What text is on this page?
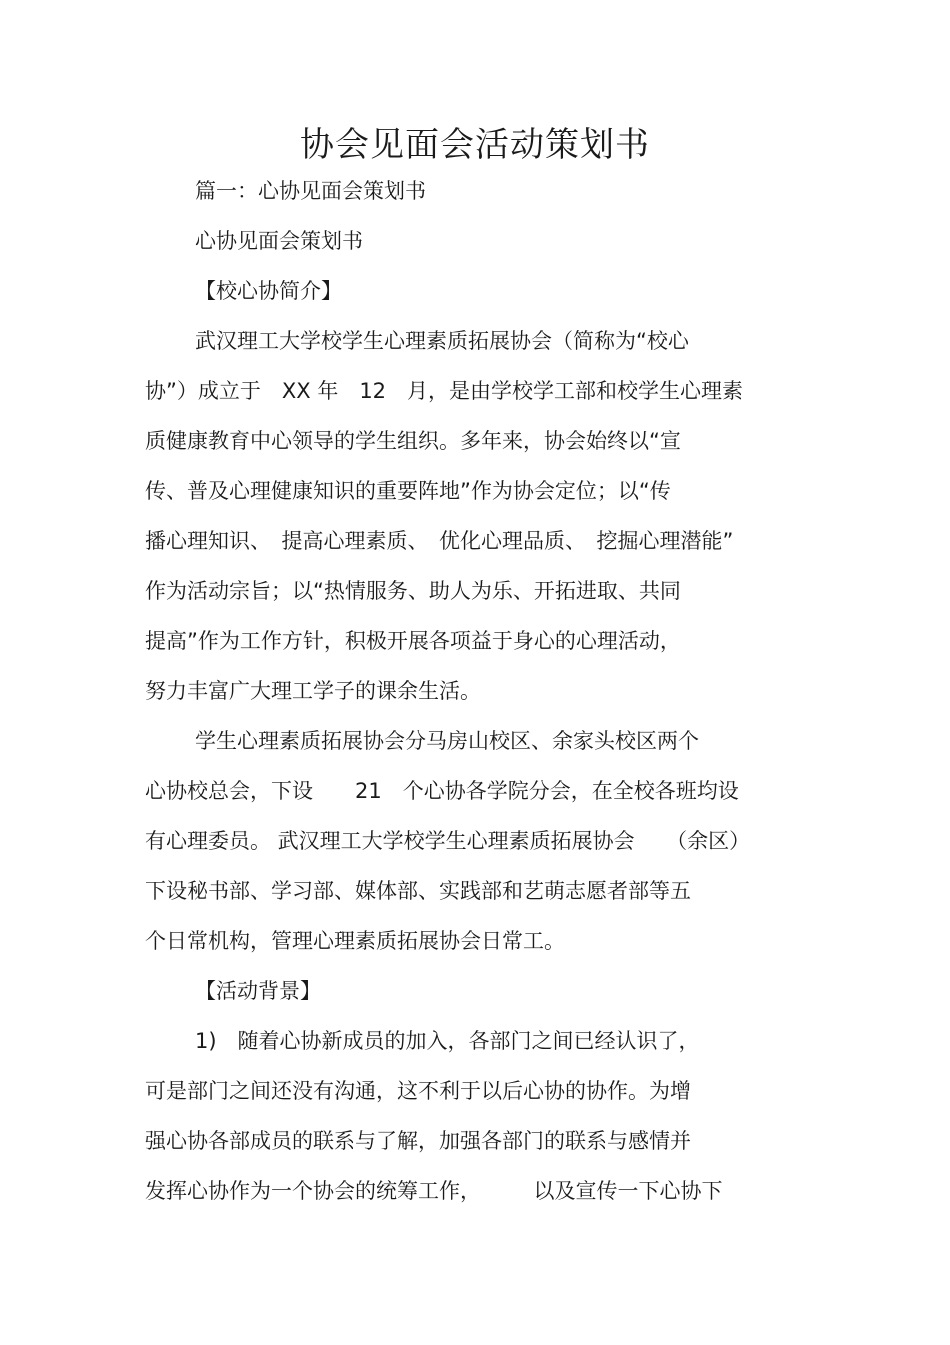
协会见面会活动策划书

篇一：心协见面会策划书

心协见面会策划书

【校心协简介】

武汉理工大学校学生心理素质拓展协会（简称为“校心

协”）成立于　XX 年　12　月，是由学校学工部和校学生心理素

质健康教育中心领导的学生组织。多年来，协会始终以“宣

传、普及心理健康知识的重要阵地”作为协会定位；以“传

播心理知识、　提高心理素质、　优化心理品质、　挖掘心理潜能”

作为活动宗旨；以“热情服务、助人为乐、开拓进取、共同

提高”作为工作方针，积极开展各项益于身心的心理活动，

努力丰富广大理工学子的课余生活。

学生心理素质拓展协会分马房山校区、余家头校区两个

心协校总会，下设　　21　个心协各学院分会，在全校各班均设

有心理委员。 武汉理工大学校学生心理素质拓展协会　　（余区）

下设秘书部、学习部、媒体部、实践部和艺萌志愿者部等五

个日常机构，管理心理素质拓展协会日常工。

【活动背景】

1)　随着心协新成员的加入，各部门之间已经认识了，

可是部门之间还没有沟通，这不利于以后心协的协作。为增

强心协各部成员的联系与了解，加强各部门的联系与感情并

发挥心协作为一个协会的统筹工作，　　　以及宣传一下心协下
